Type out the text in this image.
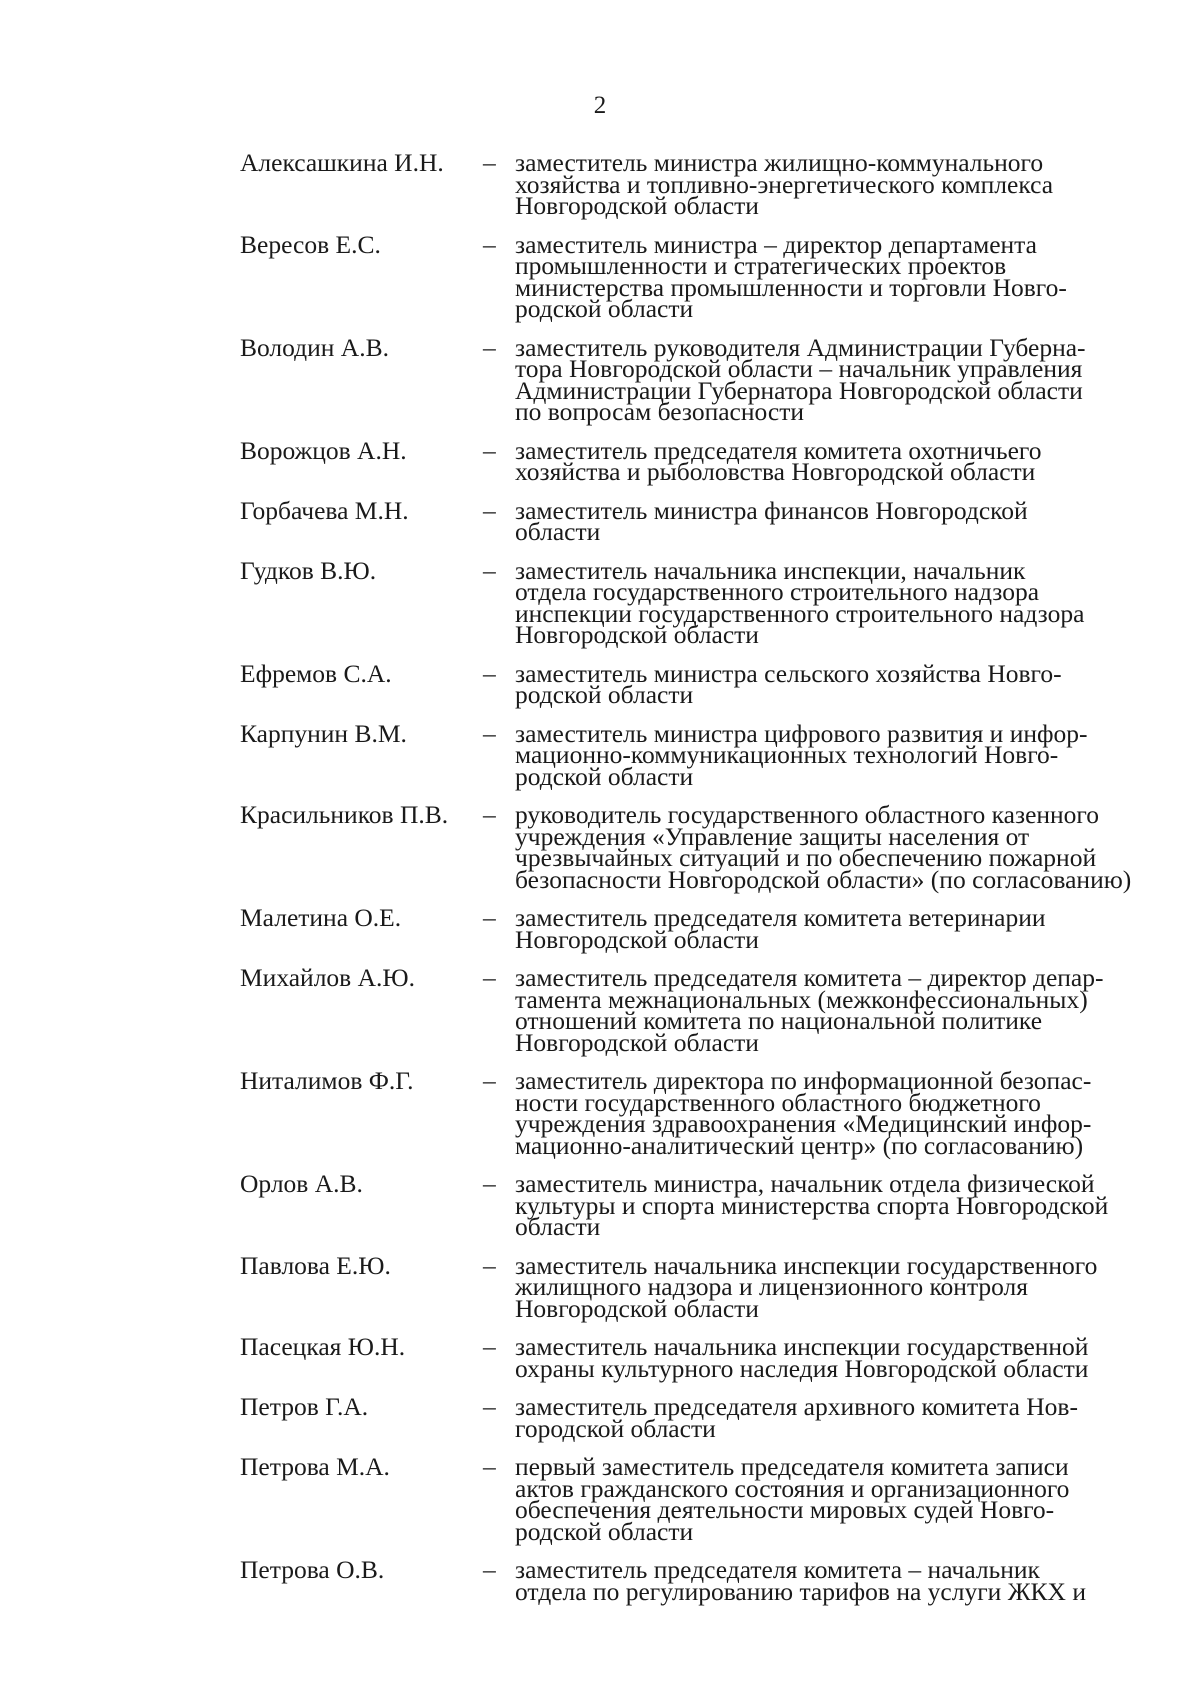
2
Алексашкина И.Н.	– заместитель министра жилищно-коммунального
хозяйства и топливно-энергетического комплекса
Новгородской области
Вересов Е.С.	– заместитель министра – директор департамента
промышленности и стратегических проектов
министерства промышленности и торговли Новго-
родской области
Володин А.В.	– заместитель руководителя Администрации Губерна-
тора Новгородской области – начальник управления
Администрации Губернатора Новгородской области
по вопросам безопасности
Ворожцов А.Н.	– заместитель председателя комитета охотничьего
хозяйства и рыболовства Новгородской области
Горбачева М.Н.	– заместитель министра финансов Новгородской
области
Гудков В.Ю.	– заместитель начальника инспекции, начальник
отдела государственного строительного надзора
инспекции государственного строительного надзора
Новгородской области
Ефремов С.А.	– заместитель министра сельского хозяйства Новго-
родской области
Карпунин В.М.	– заместитель министра цифрового развития и инфор-
мационно-коммуникационных технологий Новго-
родской области
Красильников П.В.	– руководитель государственного областного казенного
учреждения «Управление защиты населения от
чрезвычайных ситуаций и по обеспечению пожарной
безопасности Новгородской области» (по согласованию)
Малетина О.Е.	– заместитель председателя комитета ветеринарии
Новгородской области
Михайлов А.Ю.	– заместитель председателя комитета – директор депар-
тамента межнациональных (межконфессиональных)
отношений комитета по национальной политике
Новгородской области
Ниталимов Ф.Г.	– заместитель директора по информационной безопас-
ности государственного областного бюджетного
учреждения здравоохранения «Медицинский инфор-
мационно-аналитический центр» (по согласованию)
Орлов А.В.	– заместитель министра, начальник отдела физической
культуры и спорта министерства спорта Новгородской
области
Павлова Е.Ю.	– заместитель начальника инспекции государственного
жилищного надзора и лицензионного контроля
Новгородской области
Пасецкая Ю.Н.	– заместитель начальника инспекции государственной
охраны культурного наследия Новгородской области
Петров Г.А.	– заместитель председателя архивного комитета Нов-
городской области
Петрова М.А.	– первый заместитель председателя комитета записи
актов гражданского состояния и организационного
обеспечения деятельности мировых судей Новго-
родской области
Петрова О.В.	– заместитель председателя комитета – начальник
отдела по регулированию тарифов на услуги ЖКХ и
